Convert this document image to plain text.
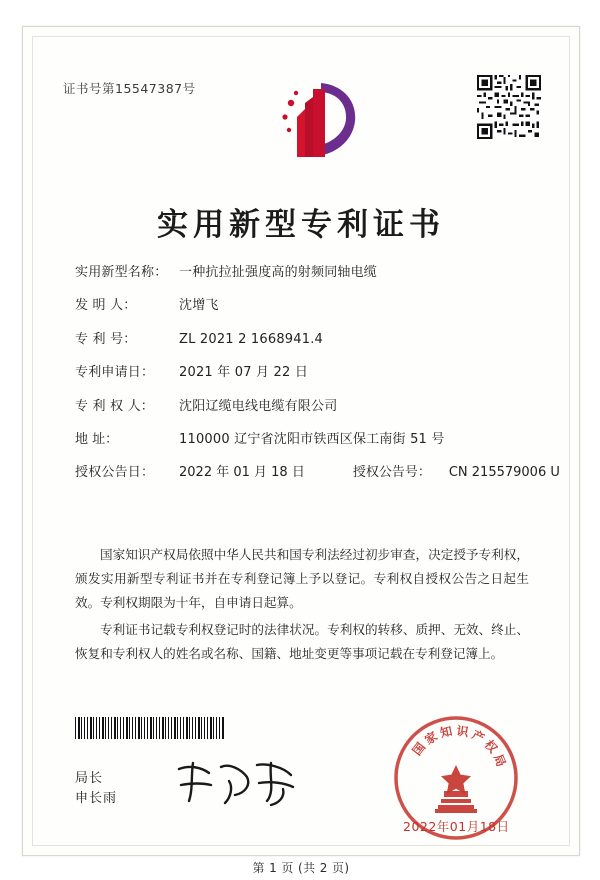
证书号第15547387号
实用新型专利证书
实用新型名称： 一种抗拉扯强度高的射频同轴电缆
发 明 人：	沈增飞
专 利 号：	ZL 2021 2 1668941.4
专利申请日：	2021 年 07 月 22 日
专 利 权 人：	沈阳辽缆电线电缆有限公司
地 址：	110000 辽宁省沈阳市铁西区保工南街 51 号
授权公告日：	2022 年 01 月 18 日	授权公告号：	CN 215579006 U

国家知识产权局依照中华人民共和国专利法经过初步审查，决定授予专利权，颁发实用新型专利证书并在专利登记簿上予以登记。专利权自授权公告之日起生效。专利权期限为十年，自申请日起算。

专利证书记载专利权登记时的法律状况。专利权的转移、质押、无效、终止、恢复和专利权人的姓名或名称、国籍、地址变更等事项记载在专利登记簿上。

国
家
知 识 产
权
局
局长
申长雨
2022年01月18日
第 1 页 (共 2 页)
